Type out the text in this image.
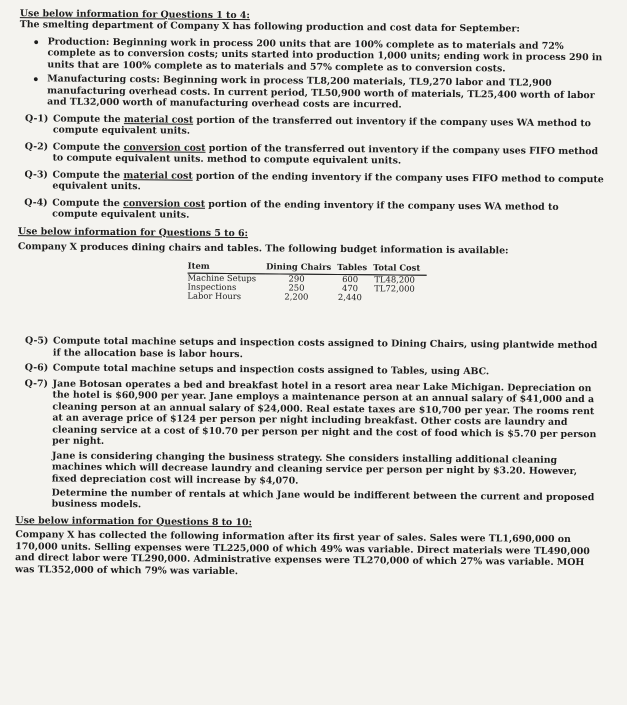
Use below information for Questions 1 to 4:

The smelting department of Company X has following production and cost data for September:

• Production: Beginning work in process 200 units that are 100% complete as to materials and 72% complete as to conversion costs; units started into production 1,000 units; ending work in process 290 in units that are 100% complete as to materials and 57% complete as to conversion costs.
• Manufacturing costs: Beginning work in process TL8,200 materials, TL9,270 labor and TL2,900 manufacturing overhead costs. In current period, TL50,900 worth of materials, TL25,400 worth of labor and TL32,000 worth of manufacturing overhead costs are incurred.
Q-1) Compute the material cost portion of the transferred out inventory if the company uses WA method to compute equivalent units.
Q-2) Compute the conversion cost portion of the transferred out inventory if the company uses FIFO method to compute equivalent units. method to compute equivalent units.
Q-3) Compute the material cost portion of the ending inventory if the company uses FIFO method to compute equivalent units.
Q-4) Compute the conversion cost portion of the ending inventory if the company uses WA method to compute equivalent units.

Use below information for Questions 5 to 6:

Company X produces dining chairs and tables. The following budget information is available:

Item	Dining Chairs	Tables	Total Cost
Machine Setups	290	600	TL48,200
Inspections	250	470	TL72,000
Labor Hours	2,200	2,440	
Q-5) Compute total machine setups and inspection costs assigned to Dining Chairs, using plantwide method if the allocation base is labor hours.
Q-6) Compute total machine setups and inspection costs assigned to Tables, using ABC.
Q-7) Jane Botosan operates a bed and breakfast hotel in a resort area near Lake Michigan. Depreciation on the hotel is $60,900 per year. Jane employs a maintenance person at an annual salary of $41,000 and a cleaning person at an annual salary of $24,000. Real estate taxes are $10,700 per year. The rooms rent at an average price of $124 per person per night including breakfast. Other costs are laundry and cleaning service at a cost of $10.70 per person per night and the cost of food which is $5.70 per person per night.

Jane is considering changing the business strategy. She considers installing additional cleaning machines which will decrease laundry and cleaning service per person per night by $3.20. However, fixed depreciation cost will increase by $4,070.

Determine the number of rentals at which Jane would be indifferent between the current and proposed business models.

Use below information for Questions 8 to 10:

Company X has collected the following information after its first year of sales. Sales were TL1,690,000 on 170,000 units. Selling expenses were TL225,000 of which 49% was variable. Direct materials were TL490,000 and direct labor were TL290,000. Administrative expenses were TL270,000 of which 27% was variable. MOH was TL352,000 of which 79% was variable.
